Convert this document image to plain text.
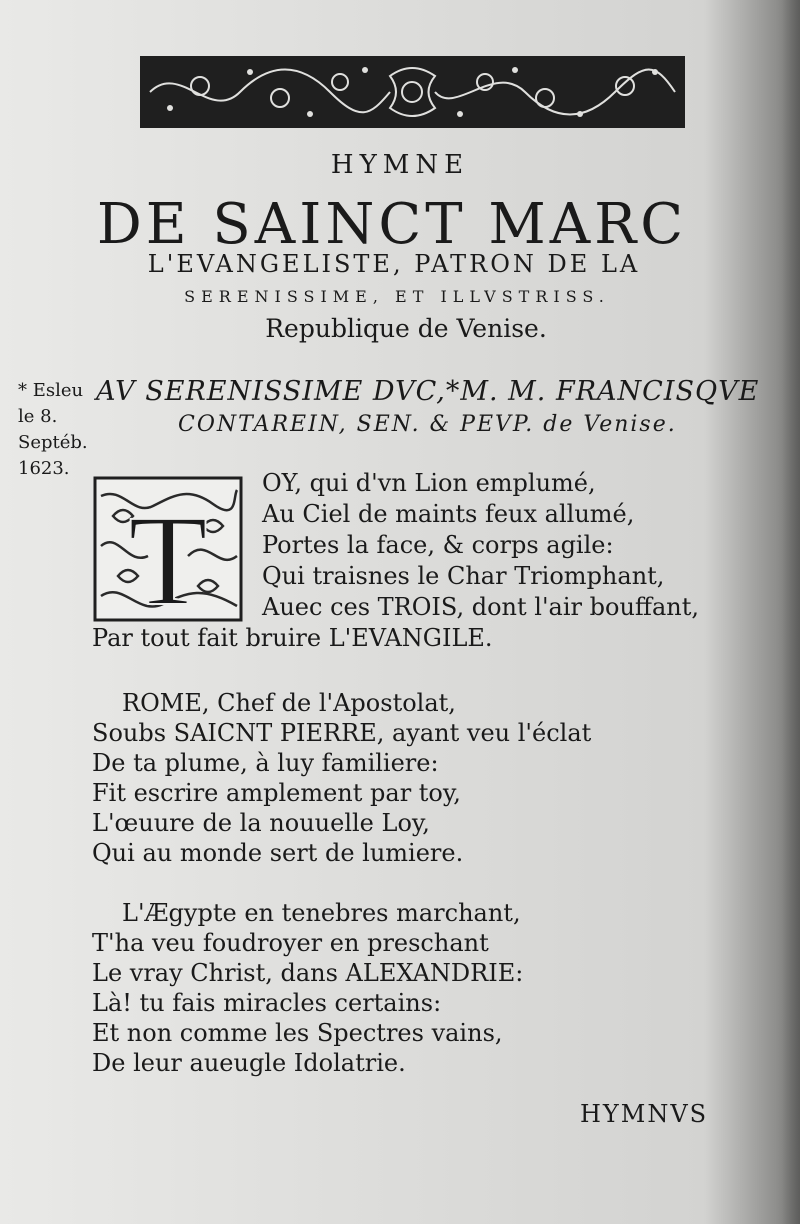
HYMNE
DE SAINCT MARC
L'EVANGELISTE, PATRON DE LA
SERENISSIME, ET ILLVSTRISS.
Republique de Venise.
* Esleu
le 8.
Septéb.
1623.
AV SERENISSIME DVC,*M. M. FRANCISQVE
CONTAREIN, SEN. & PEVP. de Venise.
T
OY, qui d'vn Lion emplumé,
Au Ciel de maints feux allumé,
Portes la face, & corps agile:
Qui traisnes le Char Triomphant,
Auec ces TROIS, dont l'air bouffant,
Par tout fait bruire L'EVANGILE.
ROME, Chef de l'Apostolat,
Soubs SAICNT PIERRE, ayant veu l'éclat
De ta plume, à luy familiere:
Fit escrire amplement par toy,
L'œuure de la nouuelle Loy,
Qui au monde sert de lumiere.
L'Ægypte en tenebres marchant,
T'ha veu foudroyer en preschant
Le vray Christ, dans ALEXANDRIE:
Là! tu fais miracles certains:
Et non comme les Spectres vains,
De leur aueugle Idolatrie.
HYMNVS
